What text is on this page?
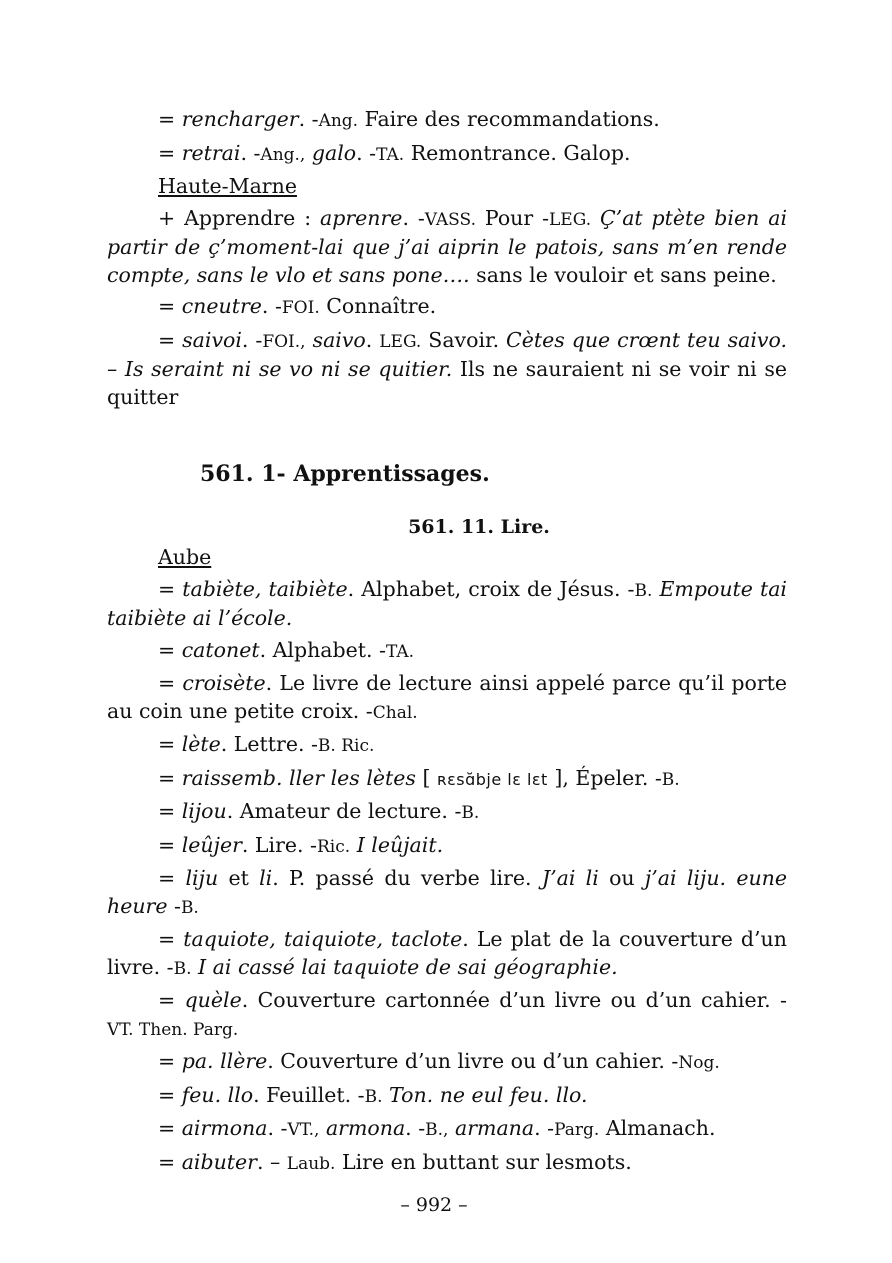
= rencharger. -Ang. Faire des recommandations.

= retrai. -Ang., galo. -TA. Remontrance. Galop.

Haute-Marne

+ Apprendre : aprenre. -VASS. Pour -LEG. Ç’at ptète bien ai partir de ç’moment-lai que j’ai aiprin le patois, sans m’en rende compte, sans le vlo et sans pone…. sans le vouloir et sans peine.

= cneutre. -FOI. Connaître.

= saivoi. -FOI., saivo. LEG. Savoir. Cètes que crœnt teu saivo. – Is seraint ni se vo ni se quitier. Ils ne sauraient ni se voir ni se quitter

561. 1- Apprentissages.
561. 11. Lire.
Aube

= tabiète, taibiète. Alphabet, croix de Jésus. -B. Empoute tai taibiète ai l’école.

= catonet. Alphabet. -TA.

= croisète. Le livre de lecture ainsi appelé parce qu’il porte au coin une petite croix. -Chal.

= lète. Lettre. -B. Ric.

= raissemb. ller les lètes [ ʀɛsɑ̆bje lɛ lɛt ], Épeler. -B.

= lijou. Amateur de lecture. -B.

= leûjer. Lire. -Ric. I leûjait.

= liju et li. P. passé du verbe lire. J’ai li ou j’ai liju. eune heure -B.

= taquiote, taiquiote, taclote. Le plat de la couverture d’un livre. -B. I ai cassé lai taquiote de sai géographie.

= quèle. Couverture cartonnée d’un livre ou d’un cahier. -VT. Then. Parg.

= pa. llère. Couverture d’un livre ou d’un cahier. -Nog.

= feu. llo. Feuillet. -B. Ton. ne eul feu. llo.

= airmona. -VT., armona. -B., armana. -Parg. Almanach.

= aibuter. – Laub. Lire en buttant sur lesmots.

– 992 –
